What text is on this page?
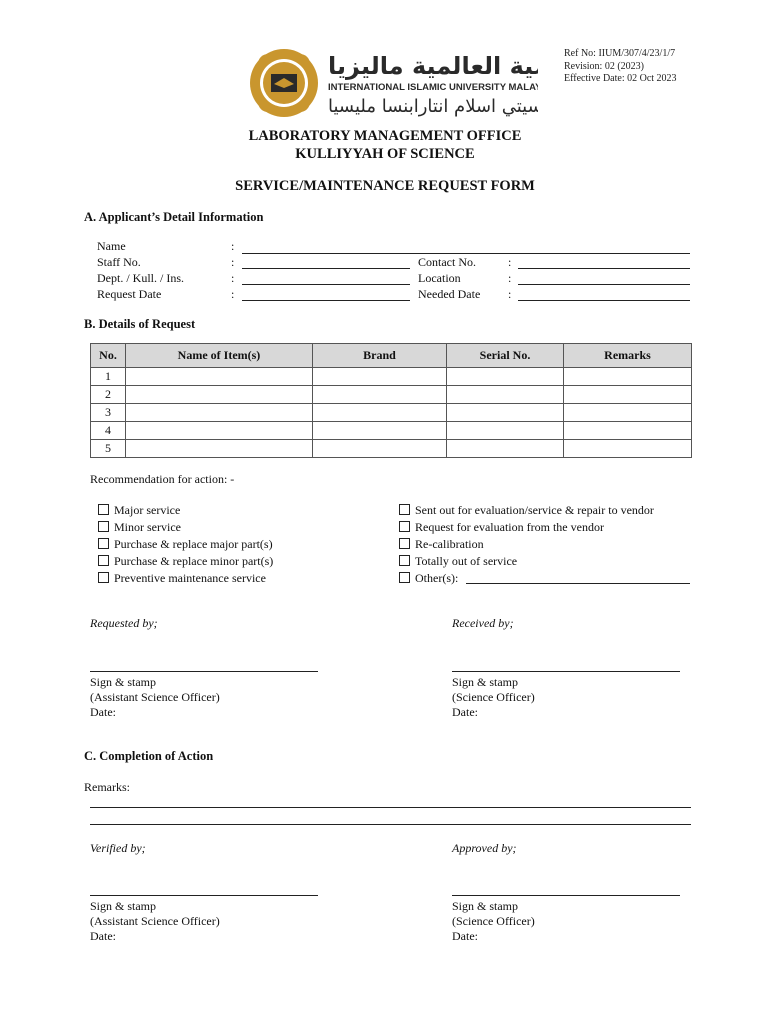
ﻴﺔ ﺍﻟﻌﺎﻟﻤﻴﺔ ﻣﺎﻟﻴﺰﻳﺎ
INTERNATIONAL ISLAMIC UNIVERSITY MALAYSIA
ﺳﯿﺘﻲ ﺍﺳﻼﻡ ﺍﻧﺘﺎﺭﺍﺑﻨﺴﺎ ﻣﻠﯿﺴﯿﺎ
Ref No: IIUM/307/4/23/1/7
Revision: 02 (2023)
Effective Date: 02 Oct 2023
LABORATORY MANAGEMENT OFFICE
KULLIYYAH OF SCIENCE
SERVICE/MAINTENANCE REQUEST FORM
A. Applicant’s Detail Information
Name	:
Staff No.	:	Contact No.	:
Dept. / Kull. / Ins.	:	Location	:
Request Date	:	Needed Date :
B. Details of Request
No.	Name of Item(s)	Brand	Serial No.	Remarks
1				
2				
3				
4				
5				
Recommendation for action: -
Major service
Minor service
Purchase & replace major part(s)
Purchase & replace minor part(s)
Preventive maintenance service
Sent out for evaluation/service & repair to vendor
Request for evaluation from the vendor
Re-calibration
Totally out of service
Other(s):
Requested by;	Received by;
Sign & stamp
(Assistant Science Officer)
Date:
Sign & stamp
(Science Officer)
Date:
C. Completion of Action
Remarks:
Verified by;	Approved by;
Sign & stamp
(Assistant Science Officer)
Date:
Sign & stamp
(Science Officer)
Date:
